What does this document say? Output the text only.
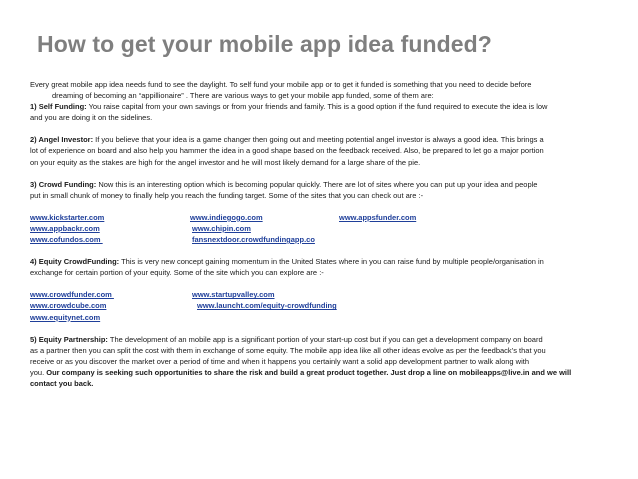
How to get your mobile app idea funded?

Every great mobile app idea needs fund to see the daylight. To self fund your mobile app or to get it funded is something that you need to decide before

dreaming of becoming an “appillionaire” . There are various ways to get your mobile app funded, some of them are:

1) Self Funding: You raise capital from your own savings or from your friends and family. This is a good option if the fund required to execute the idea is low

and you are doing it on the sidelines.

2) Angel Investor: If you believe that your idea is a game changer then going out and meeting potential angel investor is always a good idea. This brings a

lot of experience on board and also help you hammer the idea in a good shape based on the feedback received. Also, be prepared to let go a major portion

on your equity as the stakes are high for the angel investor and he will most likely demand for a large share of the pie.

3) Crowd Funding: Now this is an interesting option which is becoming popular quickly. There are lot of sites where you can put up your idea and people

put in small chunk of money to finally help you reach the funding target. Some of the sites that you can check out are :-

www.kickstarter.com	www.indiegogo.com	www.appsfunder.com
www.appbackr.com	www.chipin.com
www.cofundos.com	fansnextdoor.crowdfundingapp.co

4) Equity CrowdFunding: This is very new concept gaining momentum in the United States where in you can raise fund by multiple people/organisation in

exchange for certain portion of your equity. Some of the site which you can explore are :-

www.crowdfunder.com	www.startupvalley.com
www.crowdcube.com	www.launcht.com/equity-crowdfunding
www.equitynet.com

5) Equity Partnership: The development of an mobile app is a significant portion of your start-up cost but if you can get a development company on board

as a partner then you can split the cost with them in exchange of some equity. The mobile app idea like all other ideas evolve as per the feedback’s that you

receive or as you discover the market over a period of time and when it happens you certainly want a solid app development partner to walk along with

you. Our company is seeking such opportunities to share the risk and build a great product together. Just drop a line on mobileapps@live.in and we will

contact you back.
